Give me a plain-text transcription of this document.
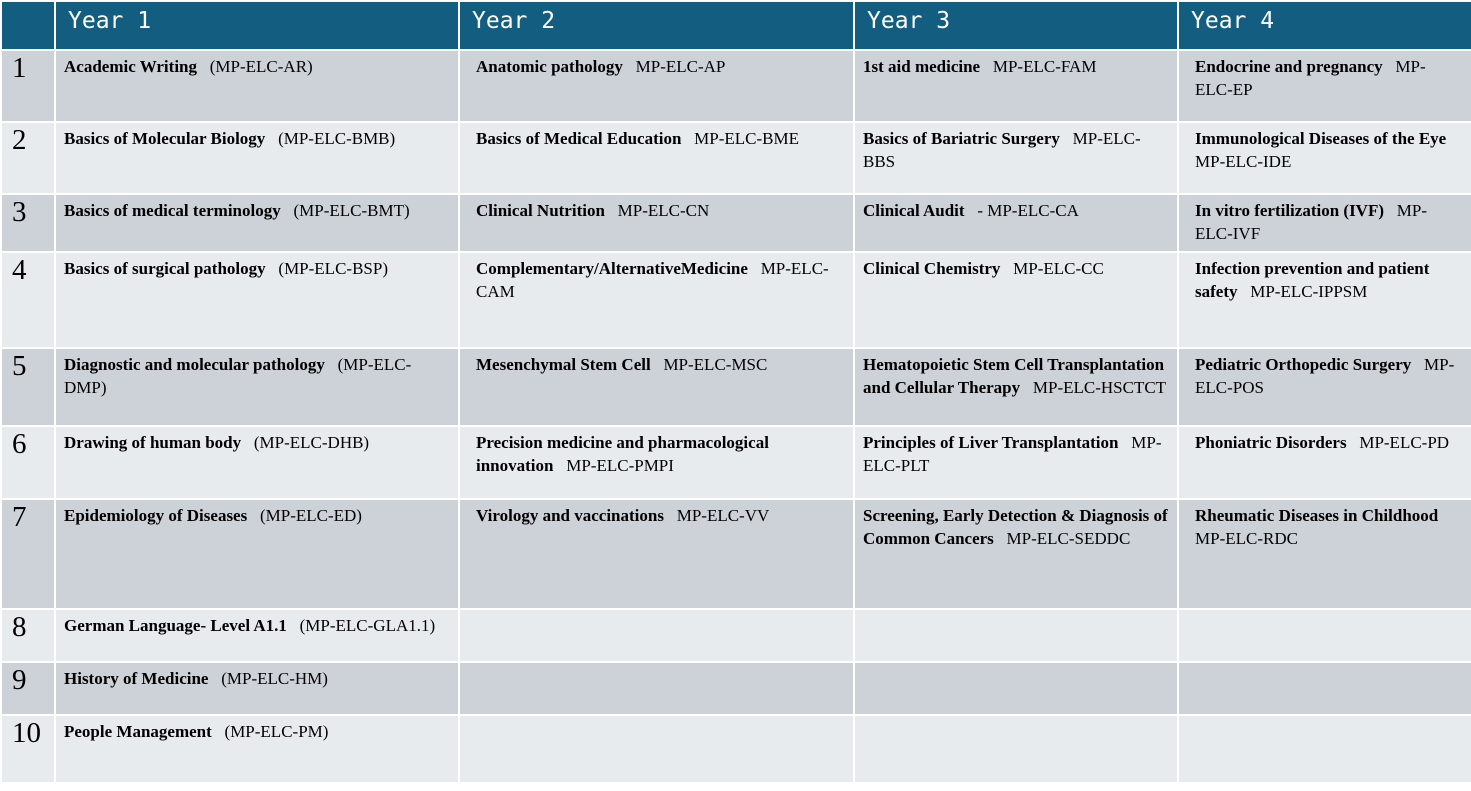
	Year 1	Year 2	Year 3	Year 4
1	Academic Writing (MP-ELC-AR)	Anatomic pathology MP-ELC-AP	1st aid medicine MP-ELC-FAM	Endocrine and pregnancy MP-ELC-EP
2	Basics of Molecular Biology (MP-ELC-BMB)	Basics of Medical Education MP-ELC-BME	Basics of Bariatric Surgery MP-ELC-BBS	Immunological Diseases of the Eye   MP-ELC-IDE
3	Basics of medical terminology (MP-ELC-BMT)	Clinical Nutrition MP-ELC-CN	Clinical Audit - MP-ELC-CA	In vitro fertilization (IVF) MP-ELC-IVF
4	Basics of surgical pathology (MP-ELC-BSP)	Complementary/AlternativeMedicine MP-ELC-CAM	Clinical Chemistry MP-ELC-CC	Infection prevention and patient safety MP-ELC-IPPSM
5	Diagnostic and molecular pathology (MP-ELC-DMP)	Mesenchymal Stem Cell MP-ELC-MSC	Hematopoietic Stem Cell Transplantation and Cellular Therapy MP-ELC-HSCTCT	Pediatric Orthopedic Surgery MP-ELC-POS
6	Drawing of human body (MP-ELC-DHB)	Precision medicine and pharmacological innovation MP-ELC-PMPI	Principles of Liver Transplantation MP-ELC-PLT	Phoniatric Disorders MP-ELC-PD
7	Epidemiology of Diseases (MP-ELC-ED)	Virology and vaccinations MP-ELC-VV	Screening, Early Detection & Diagnosis of Common Cancers MP-ELC-SEDDC	Rheumatic Diseases in Childhood   MP-ELC-RDC
8	German Language- Level A1.1 (MP-ELC-GLA1.1)			
9	History of Medicine (MP-ELC-HM)			
10	People Management (MP-ELC-PM)			
